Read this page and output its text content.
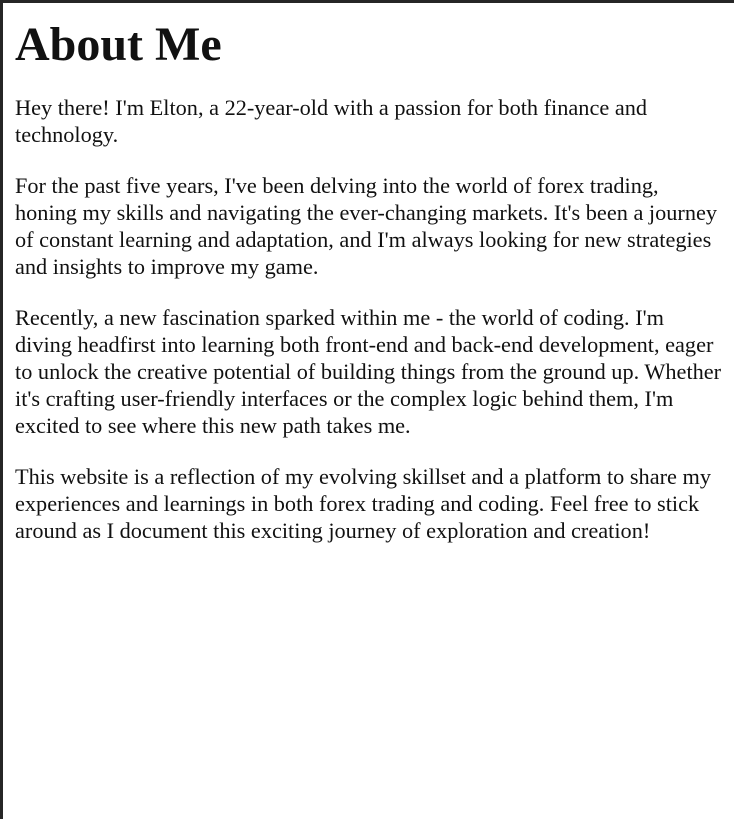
About Me

Hey there! I'm Elton, a 22-year-old with a passion for both finance and technology.

For the past five years, I've been delving into the world of forex trading, honing my skills and navigating the ever-changing markets. It's been a journey of constant learning and adaptation, and I'm always looking for new strategies and insights to improve my game.

Recently, a new fascination sparked within me - the world of coding. I'm diving headfirst into learning both front-end and back-end development, eager to unlock the creative potential of building things from the ground up. Whether it's crafting user-friendly interfaces or the complex logic behind them, I'm excited to see where this new path takes me.

This website is a reflection of my evolving skillset and a platform to share my experiences and learnings in both forex trading and coding. Feel free to stick around as I document this exciting journey of exploration and creation!
